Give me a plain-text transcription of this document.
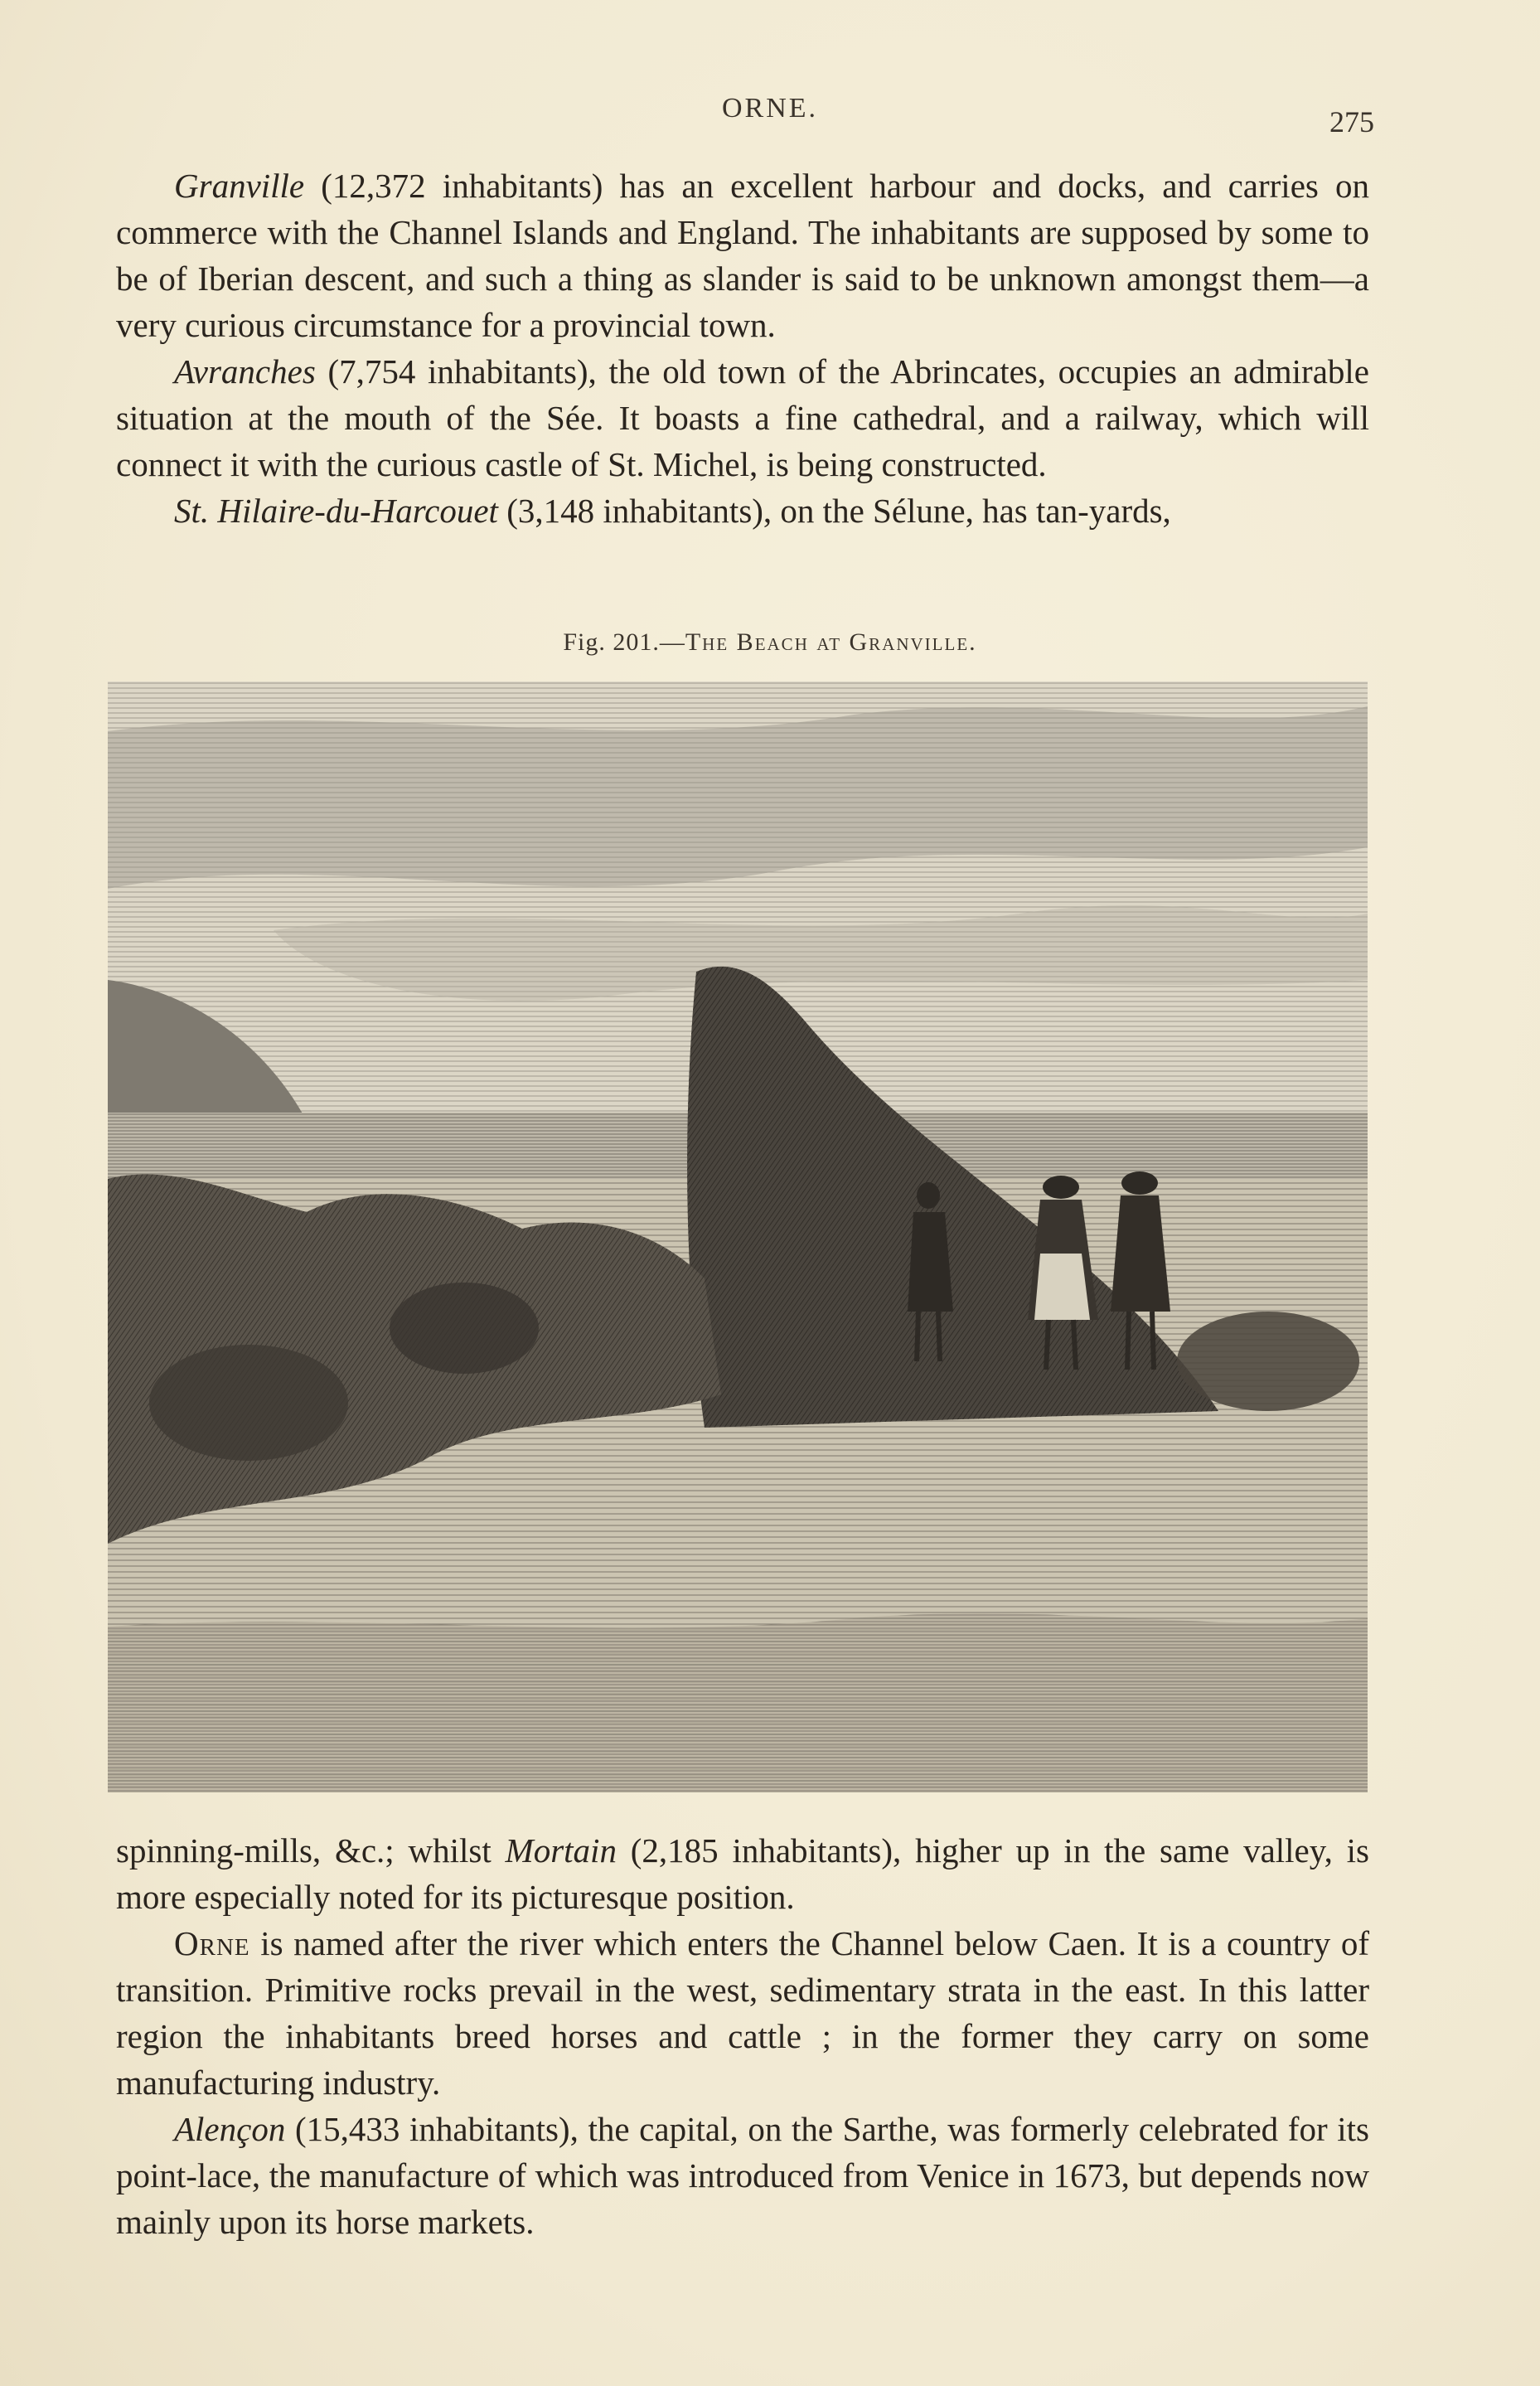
ORNE.	275

Granville (12,372 inhabitants) has an excellent harbour and docks, and carries on commerce with the Channel Islands and England. The inhabitants are supposed by some to be of Iberian descent, and such a thing as slander is said to be unknown amongst them—a very curious circumstance for a provincial town.

Avranches (7,754 inhabitants), the old town of the Abrincates, occupies an admirable situation at the mouth of the Sée. It boasts a fine cathedral, and a railway, which will connect it with the curious castle of St. Michel, is being constructed.

St. Hilaire-du-Harcouet (3,148 inhabitants), on the Sélune, has tan-yards,

Fig. 201.—The Beach at Granville.

spinning-mills, &c.; whilst Mortain (2,185 inhabitants), higher up in the same valley, is more especially noted for its picturesque position.

Orne is named after the river which enters the Channel below Caen. It is a country of transition. Primitive rocks prevail in the west, sedimentary strata in the east. In this latter region the inhabitants breed horses and cattle ; in the former they carry on some manufacturing industry.

Alençon (15,433 inhabitants), the capital, on the Sarthe, was formerly celebrated for its point-lace, the manufacture of which was introduced from Venice in 1673, but depends now mainly upon its horse markets.
